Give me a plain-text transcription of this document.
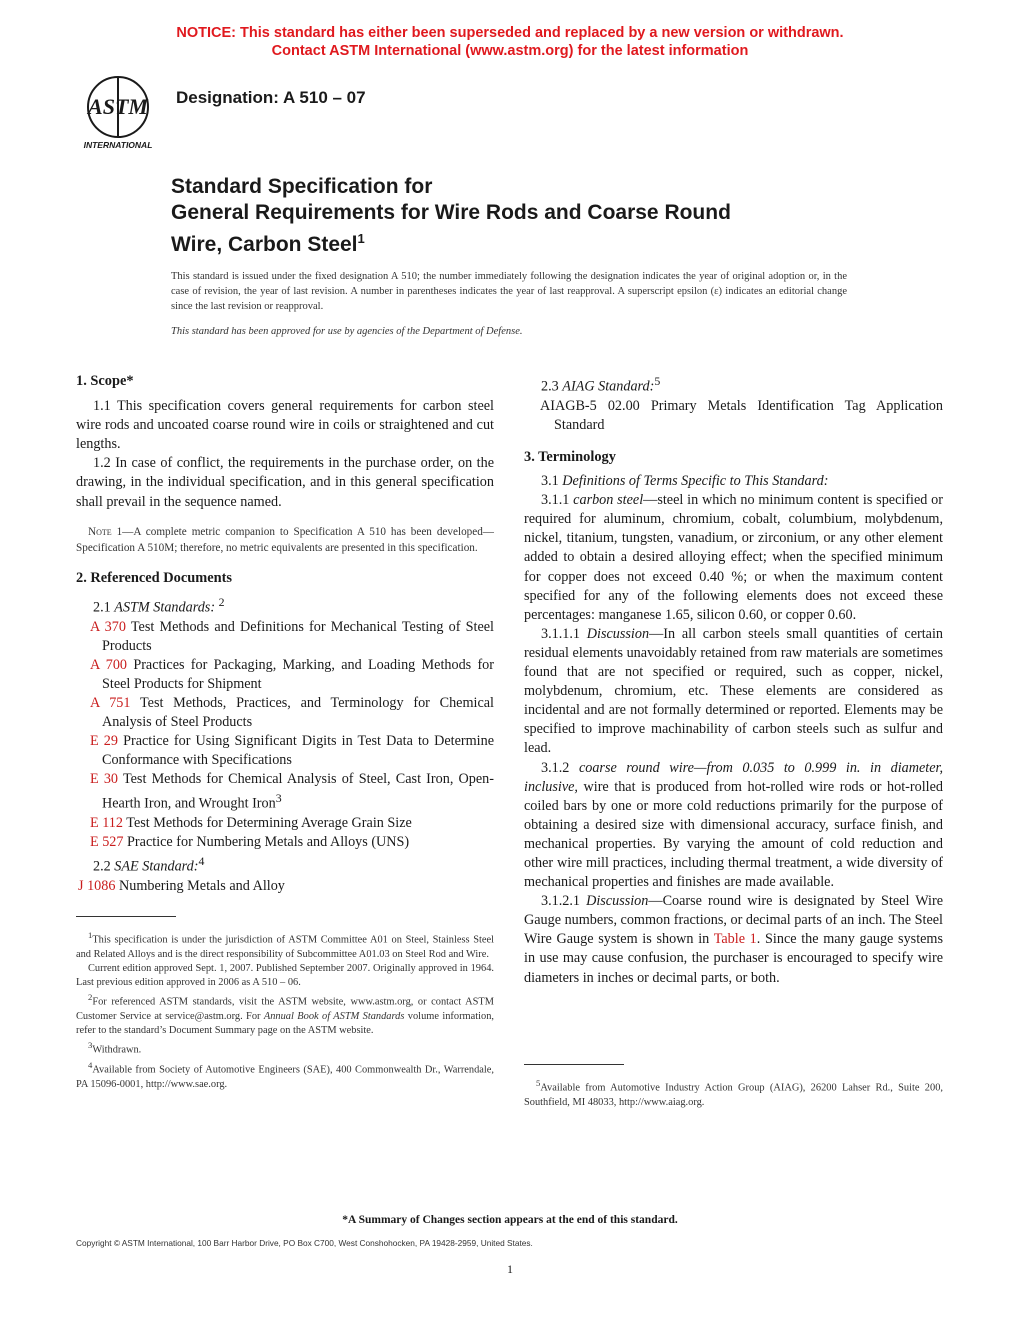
NOTICE: This standard has either been superseded and replaced by a new version or withdrawn.
Contact ASTM International (www.astm.org) for the latest information
ASTM
INTERNATIONAL
Designation: A 510 – 07
Standard Specification for
General Requirements for Wire Rods and Coarse Round
Wire, Carbon Steel$^1$
This standard is issued under the fixed designation A 510; the number immediately following the designation indicates the year of original adoption or, in the case of revision, the year of last revision. A number in parentheses indicates the year of last reapproval. A superscript epsilon (ε) indicates an editorial change since the last revision or reapproval.
This standard has been approved for use by agencies of the Department of Defense.
1. Scope*

1.1 This specification covers general requirements for carbon steel wire rods and uncoated coarse round wire in coils or straightened and cut lengths.

1.2 In case of conflict, the requirements in the purchase order, on the drawing, in the individual specification, and in this general specification shall prevail in the sequence named.

Note 1—A complete metric companion to Specification A 510 has been developed—Specification A 510M; therefore, no metric equivalents are presented in this specification.
2. Referenced Documents

2.1 ASTM Standards: $^2$

A 370 Test Methods and Definitions for Mechanical Testing of Steel Products

A 700 Practices for Packaging, Marking, and Loading Methods for Steel Products for Shipment

A 751 Test Methods, Practices, and Terminology for Chemical Analysis of Steel Products

E 29 Practice for Using Significant Digits in Test Data to Determine Conformance with Specifications

E 30 Test Methods for Chemical Analysis of Steel, Cast Iron, Open-Hearth Iron, and Wrought Iron$^3$

E 112 Test Methods for Determining Average Grain Size

E 527 Practice for Numbering Metals and Alloys (UNS)

2.2 SAE Standard:$^4$

J 1086 Numbering Metals and Alloy

$^1$This specification is under the jurisdiction of ASTM Committee A01 on Steel, Stainless Steel and Related Alloys and is the direct responsibility of Subcommittee A01.03 on Steel Rod and Wire.

Current edition approved Sept. 1, 2007. Published September 2007. Originally approved in 1964. Last previous edition approved in 2006 as A 510 – 06.

$^2$For referenced ASTM standards, visit the ASTM website, www.astm.org, or contact ASTM Customer Service at service@astm.org. For Annual Book of ASTM Standards volume information, refer to the standard’s Document Summary page on the ASTM website.

$^3$Withdrawn.

$^4$Available from Society of Automotive Engineers (SAE), 400 Commonwealth Dr., Warrendale, PA 15096-0001, http://www.sae.org.

2.3 AIAG Standard:$^5$

AIAGB-5 02.00 Primary Metals Identification Tag Application Standard

3. Terminology

3.1 Definitions of Terms Specific to This Standard:

3.1.1 carbon steel—steel in which no minimum content is specified or required for aluminum, chromium, cobalt, columbium, molybdenum, nickel, titanium, tungsten, vanadium, or zirconium, or any other element added to obtain a desired alloying effect; when the specified minimum for copper does not exceed 0.40 %; or when the maximum content specified for any of the following elements does not exceed these percentages: manganese 1.65, silicon 0.60, or copper 0.60.

3.1.1.1 Discussion—In all carbon steels small quantities of certain residual elements unavoidably retained from raw materials are sometimes found that are not specified or required, such as copper, nickel, molybdenum, chromium, etc. These elements are considered as incidental and are not formally determined or reported. Elements may be specified to improve machinability of carbon steels such as sulfur and lead.

3.1.2 coarse round wire—from 0.035 to 0.999 in. in diameter, inclusive, wire that is produced from hot-rolled wire rods or hot-rolled coiled bars by one or more cold reductions primarily for the purpose of obtaining a desired size with dimensional accuracy, surface finish, and mechanical properties. By varying the amount of cold reduction and other wire mill practices, including thermal treatment, a wide diversity of mechanical properties and finishes are made available.

3.1.2.1 Discussion—Coarse round wire is designated by Steel Wire Gauge numbers, common fractions, or decimal parts of an inch. The Steel Wire Gauge system is shown in Table 1. Since the many gauge systems in use may cause confusion, the purchaser is encouraged to specify wire diameters in inches or decimal parts, or both.

$^5$Available from Automotive Industry Action Group (AIAG), 26200 Lahser Rd., Suite 200, Southfield, MI 48033, http://www.aiag.org.

*A Summary of Changes section appears at the end of this standard.
Copyright © ASTM International, 100 Barr Harbor Drive, PO Box C700, West Conshohocken, PA 19428-2959, United States.
1
